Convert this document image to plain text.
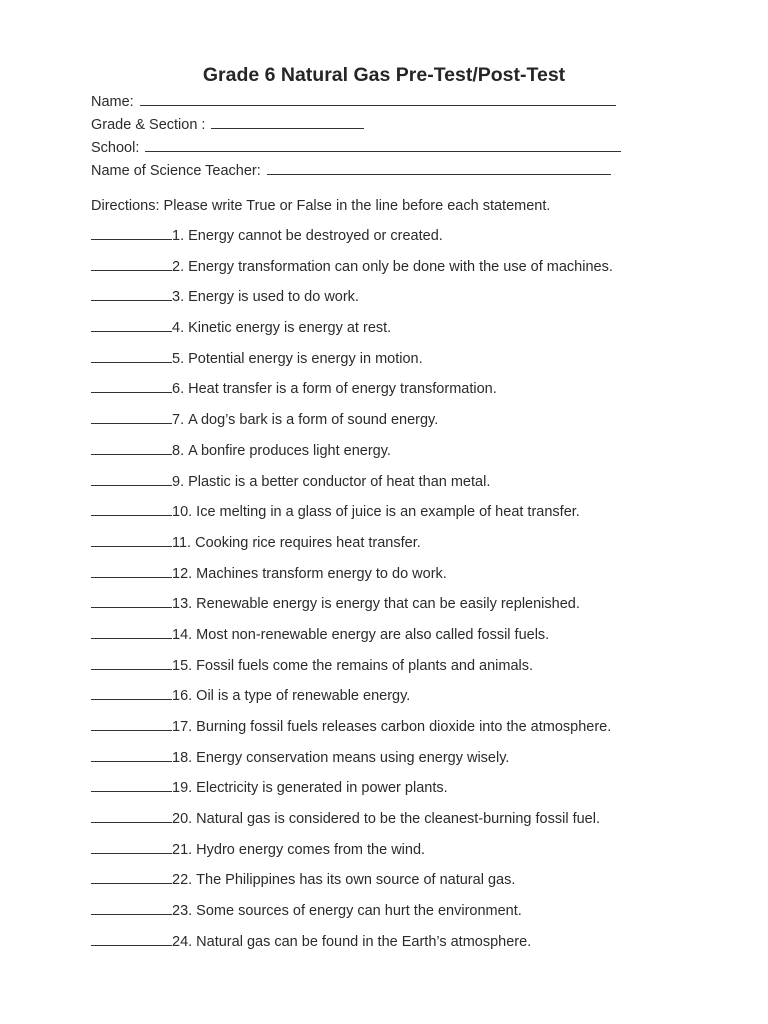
Grade 6 Natural Gas Pre-Test/Post-Test
Name:
Grade & Section :
School:
Name of Science Teacher:
Directions: Please write True or False in the line before each statement.
1. Energy cannot be destroyed or created.
2. Energy transformation can only be done with the use of machines.
3. Energy is used to do work.
4. Kinetic energy is energy at rest.
5. Potential energy is energy in motion.
6. Heat transfer is a form of energy transformation.
7. A dog’s bark is a form of sound energy.
8. A bonfire produces light energy.
9. Plastic is a better conductor of heat than metal.
10. Ice melting in a glass of juice is an example of heat transfer.
11. Cooking rice requires heat transfer.
12. Machines transform energy to do work.
13. Renewable energy is energy that can be easily replenished.
14. Most non-renewable energy are also called fossil fuels.
15. Fossil fuels come the remains of plants and animals.
16. Oil is a type of renewable energy.
17. Burning fossil fuels releases carbon dioxide into the atmosphere.
18. Energy conservation means using energy wisely.
19. Electricity is generated in power plants.
20. Natural gas is considered to be the cleanest-burning fossil fuel.
21. Hydro energy comes from the wind.
22. The Philippines has its own source of natural gas.
23. Some sources of energy can hurt the environment.
24. Natural gas can be found in the Earth’s atmosphere.
